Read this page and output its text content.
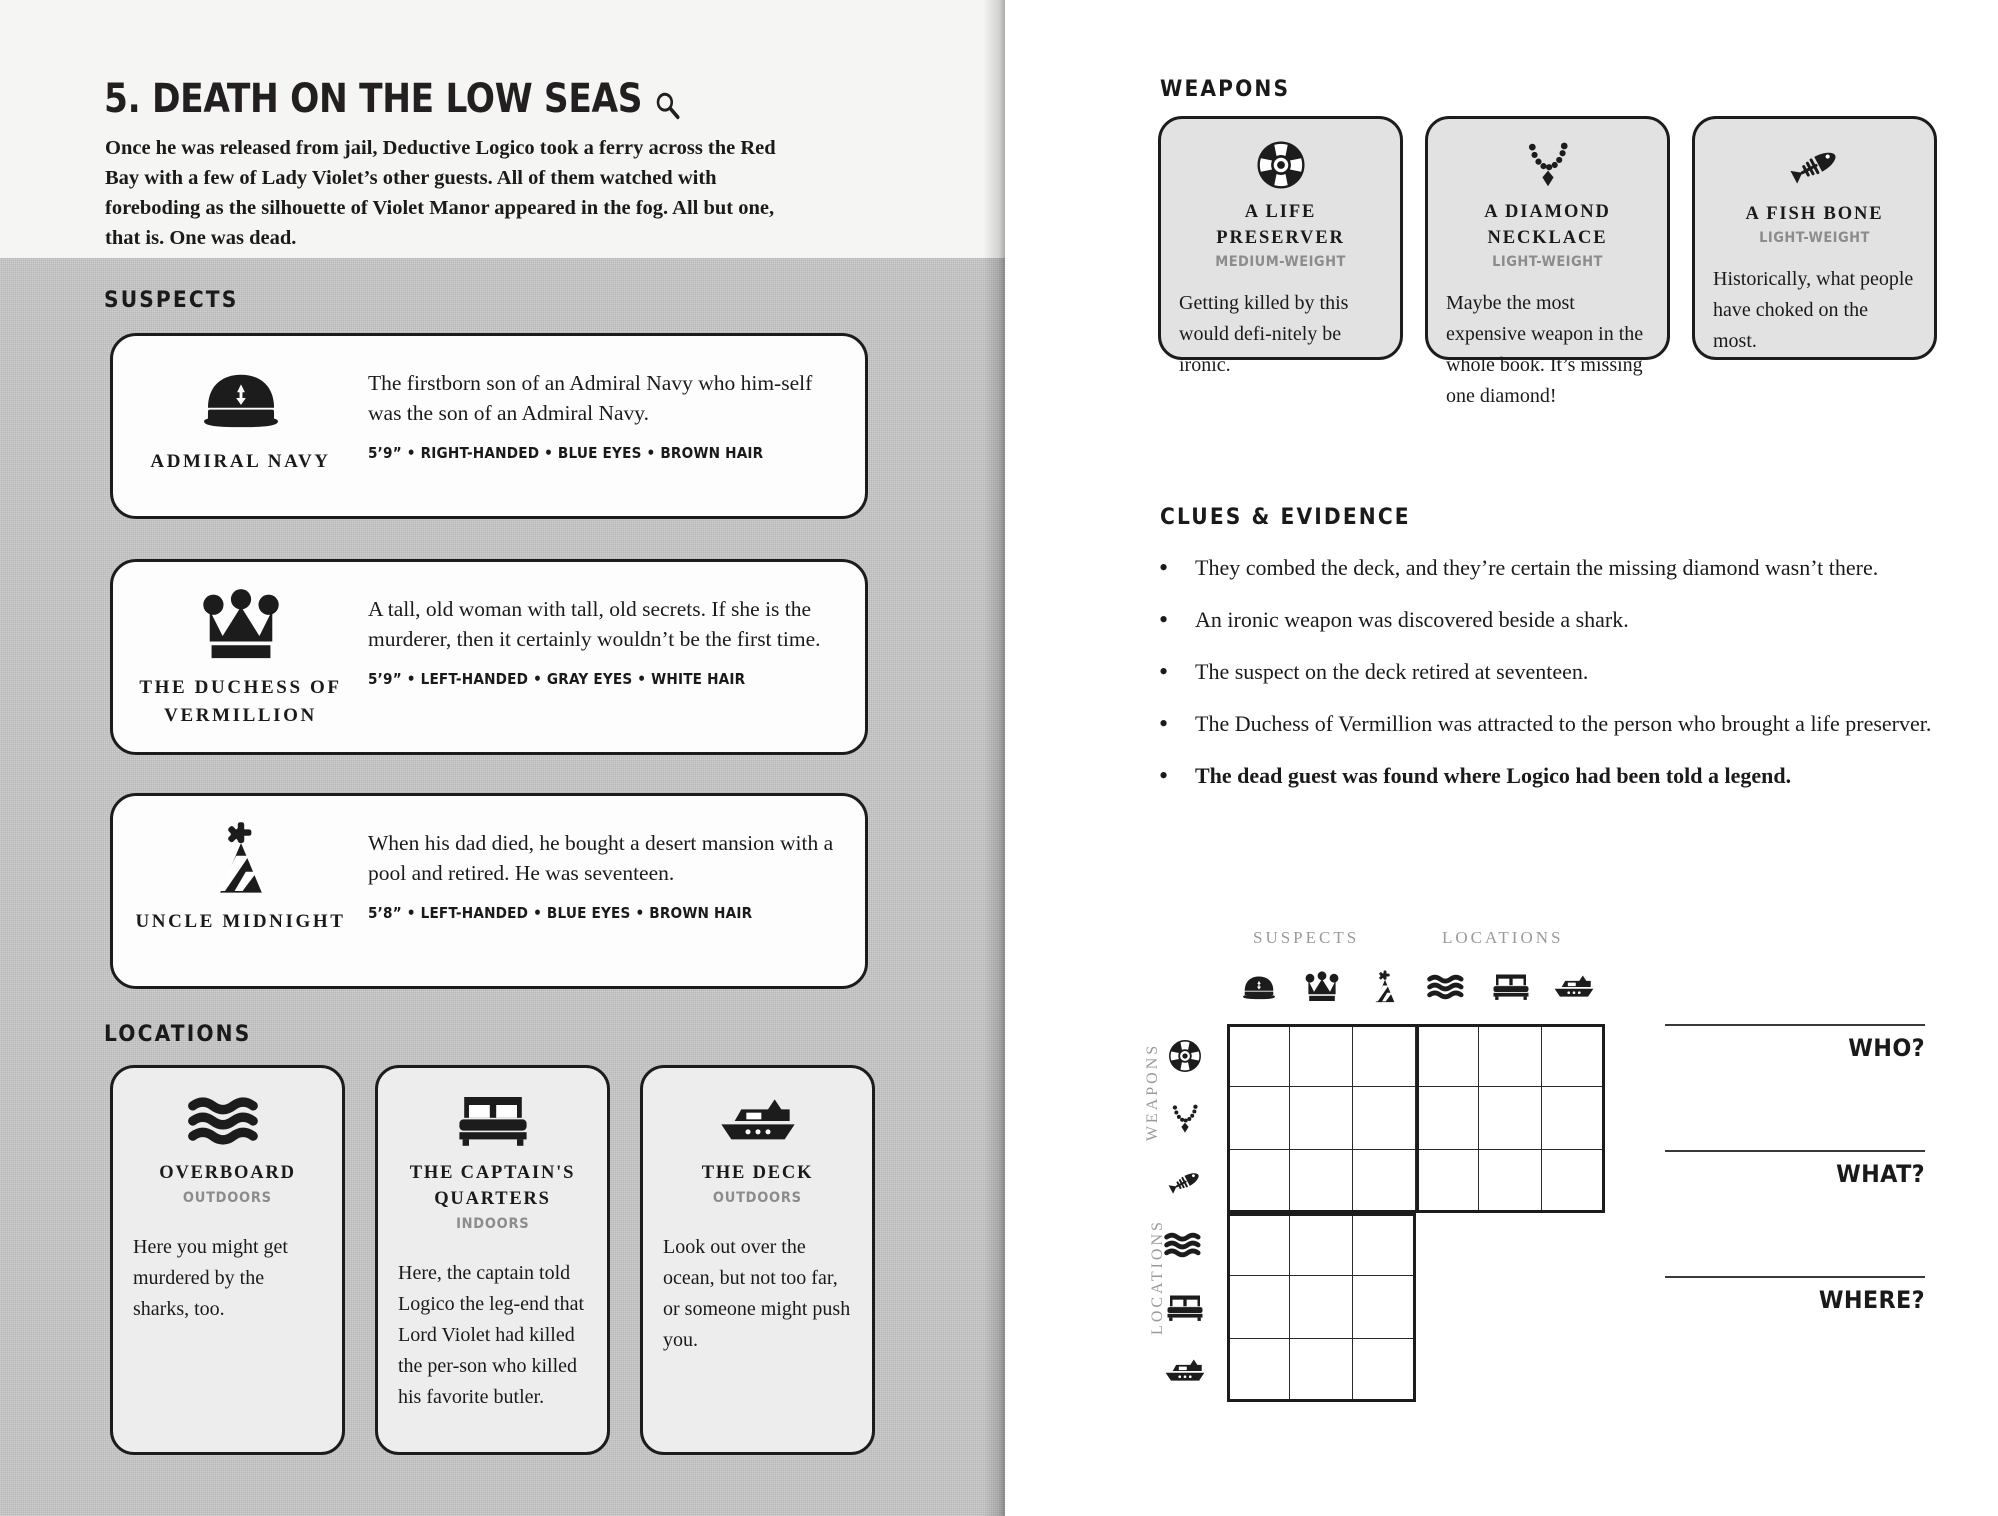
5. DEATH ON THE LOW SEAS
Once he was released from jail, Deductive Logico took a ferry across the Red Bay with a few of Lady Violet’s other guests. All of them watched with foreboding as the silhouette of Violet Manor appeared in the fog. All but one, that is. One was dead.
SUSPECTS
ADMIRAL NAVY
The firstborn son of an Admiral Navy who him-self was the son of an Admiral Navy.
5’9” • RIGHT-HANDED • BLUE EYES • BROWN HAIR
THE DUCHESS OF VERMILLION
A tall, old woman with tall, old secrets. If she is the murderer, then it certainly wouldn’t be the first time.
5’9” • LEFT-HANDED • GRAY EYES • WHITE HAIR
UNCLE MIDNIGHT
When his dad died, he bought a desert mansion with a pool and retired. He was seventeen.
5’8” • LEFT-HANDED • BLUE EYES • BROWN HAIR
LOCATIONS
OVERBOARD
OUTDOORS
Here you might get murdered by the sharks, too.
THE CAPTAIN'S QUARTERS
INDOORS
Here, the captain told Logico the leg-end that Lord Violet had killed the per-son who killed his favorite butler.
THE DECK
OUTDOORS
Look out over the ocean, but not too far, or someone might push you.
WEAPONS
A LIFE PRESERVER
MEDIUM-WEIGHT
Getting killed by this would defi-nitely be ironic.
A DIAMOND NECKLACE
LIGHT-WEIGHT
Maybe the most expensive weapon in the whole book. It’s missing one diamond!
A FISH BONE
LIGHT-WEIGHT
Historically, what people have choked on the most.
CLUES & EVIDENCE
•	They combed the deck, and they’re certain the missing diamond wasn’t there.
•	An ironic weapon was discovered beside a shark.
•	The suspect on the deck retired at seventeen.
•	The Duchess of Vermillion was attracted to the person who brought a life preserver.
•	The dead guest was found where Logico had been told a legend.
SUSPECTS	LOCATIONS
WEAPONS
LOCATIONS
WHO?
WHAT?
WHERE?
